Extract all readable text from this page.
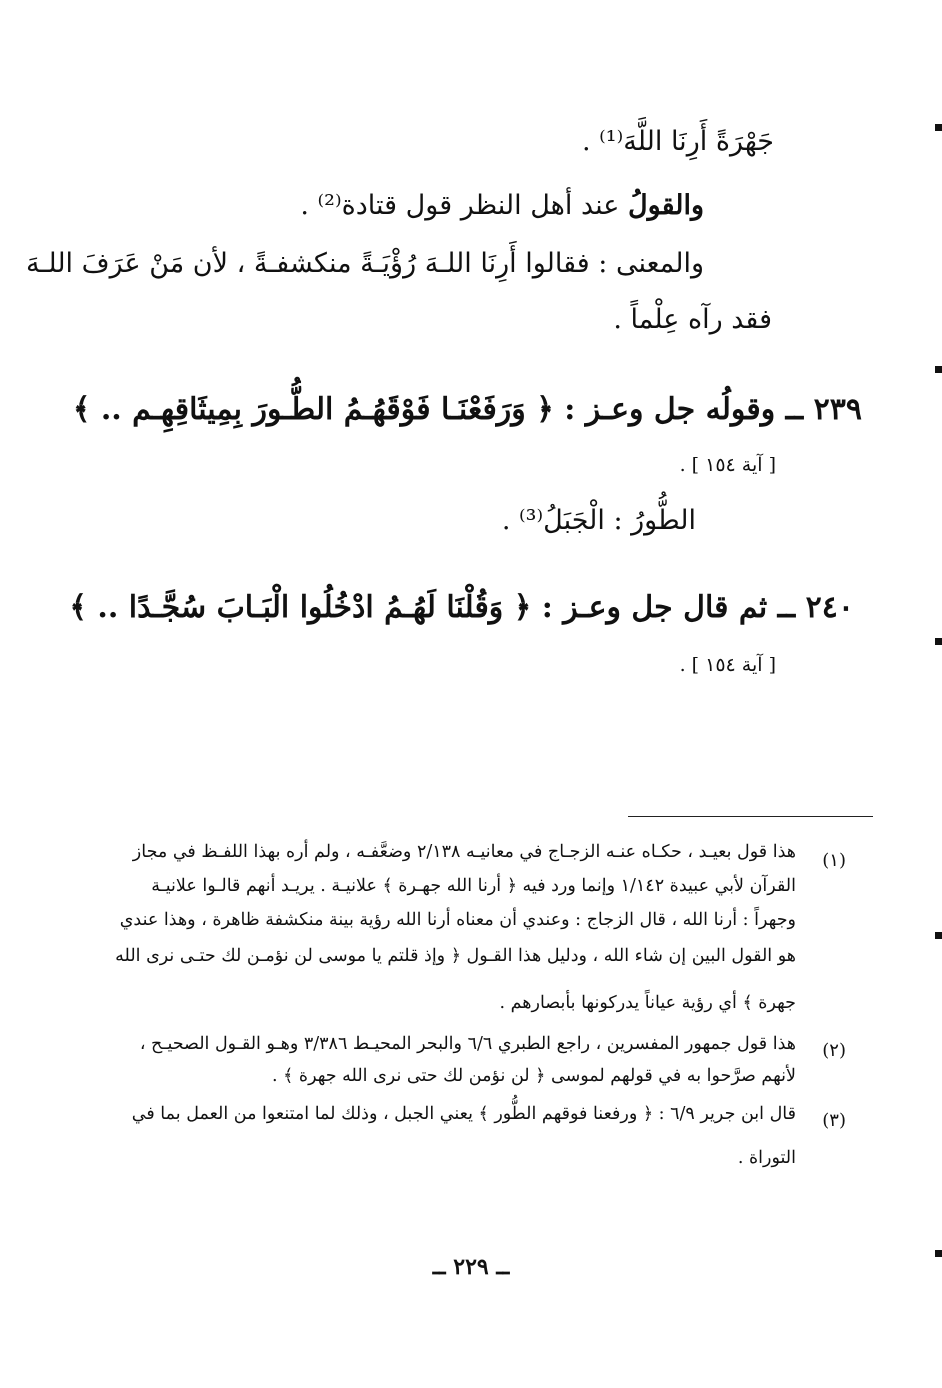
جَهْرَةً أَرِنَا اللَّهَ⁽¹⁾ .
والقولُ عند أهل النظر قول قتادة⁽²⁾ .
والمعنى : فقالوا أَرِنَا اللـهَ رُؤْيَـةً منكشفـةً ، لأن مَنْ عَرَفَ اللـهَ
فقد رآه عِلْماً .
٢٣٩ ــ وقولُه جل وعـز : ﴿ وَرَفَعْنَـا فَوْقَهُـمُ الطُّـورَ بِمِيثَاقِهِـم .. ﴾
[ آية ١٥٤ ] .
الطُّورُ : الْجَبَلُ⁽³⁾ .
٢٤٠ ــ ثم قال جل وعـز : ﴿ وَقُلْنَا لَهُـمُ ادْخُلُوا الْبَـابَ سُجَّـدًا .. ﴾
[ آية ١٥٤ ] .
(١)
هذا قول بعيـد ، حكـاه عنـه الزجـاج في معانيـه ٢/١٣٨ وضعَّفـه ، ولم أره بهذا اللفـظ في مجاز
القرآن لأبي عبيدة ١/١٤٢ وإنما ورد فيه ﴿ أرنا الله جهـرة ﴾ علانيـة . يريـد أنهم قالـوا علانيـة
وجهراً : أرنا الله ، قال الزجاج : وعندي أن معناه أرنا الله رؤية بينة منكشفة ظاهرة ، وهذا عندي
هو القول البين إن شاء الله ، ودليل هذا القـول ﴿ وإذ قلتم يا موسى لن نؤمـن لك حتـى نرى الله
جهرة ﴾ أي رؤية عياناً يدركونها بأبصارهم .
(٢)
هذا قول جمهور المفسرين ، راجع الطبري ٦/٦ والبحر المحيـط ٣/٣٨٦ وهـو القـول الصحيـح ،
لأنهم صرَّحوا به في قولهم لموسى ﴿ لن نؤمن لك حتى نرى الله جهرة ﴾ .
(٣)
قال ابن جرير ٦/٩ : ﴿ ورفعنا فوقهم الطُّور ﴾ يعني الجبل ، وذلك لما امتنعوا من العمل بما في
التوراة .
ــ ٢٢٩ ــ
